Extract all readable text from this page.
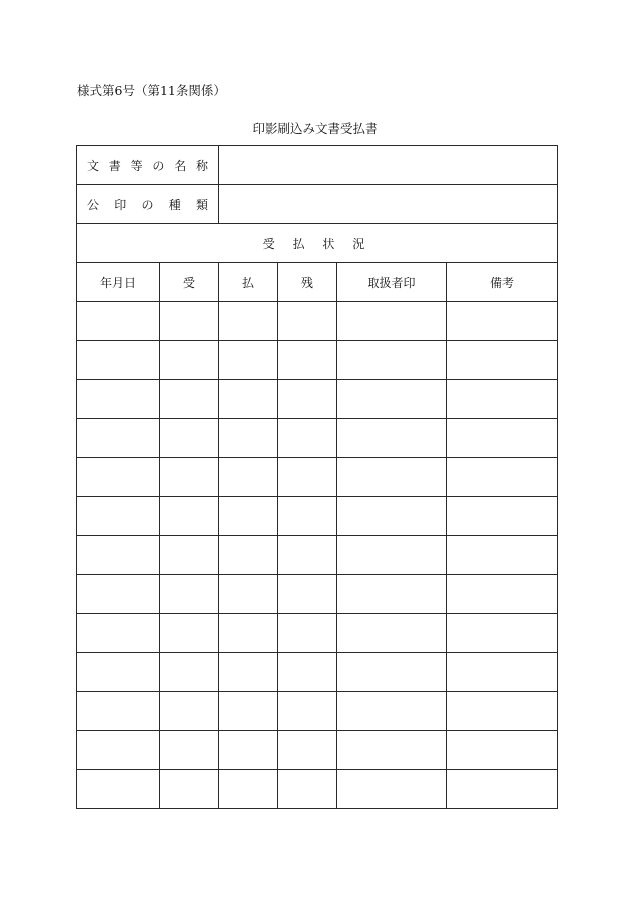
様式第6号（第11条関係）
印影刷込み文書受払書
文 書 等 の 名 称					

公　印　の　種　類					

受 払 状 況					
年月日	受	払	残	取扱者印	備考
